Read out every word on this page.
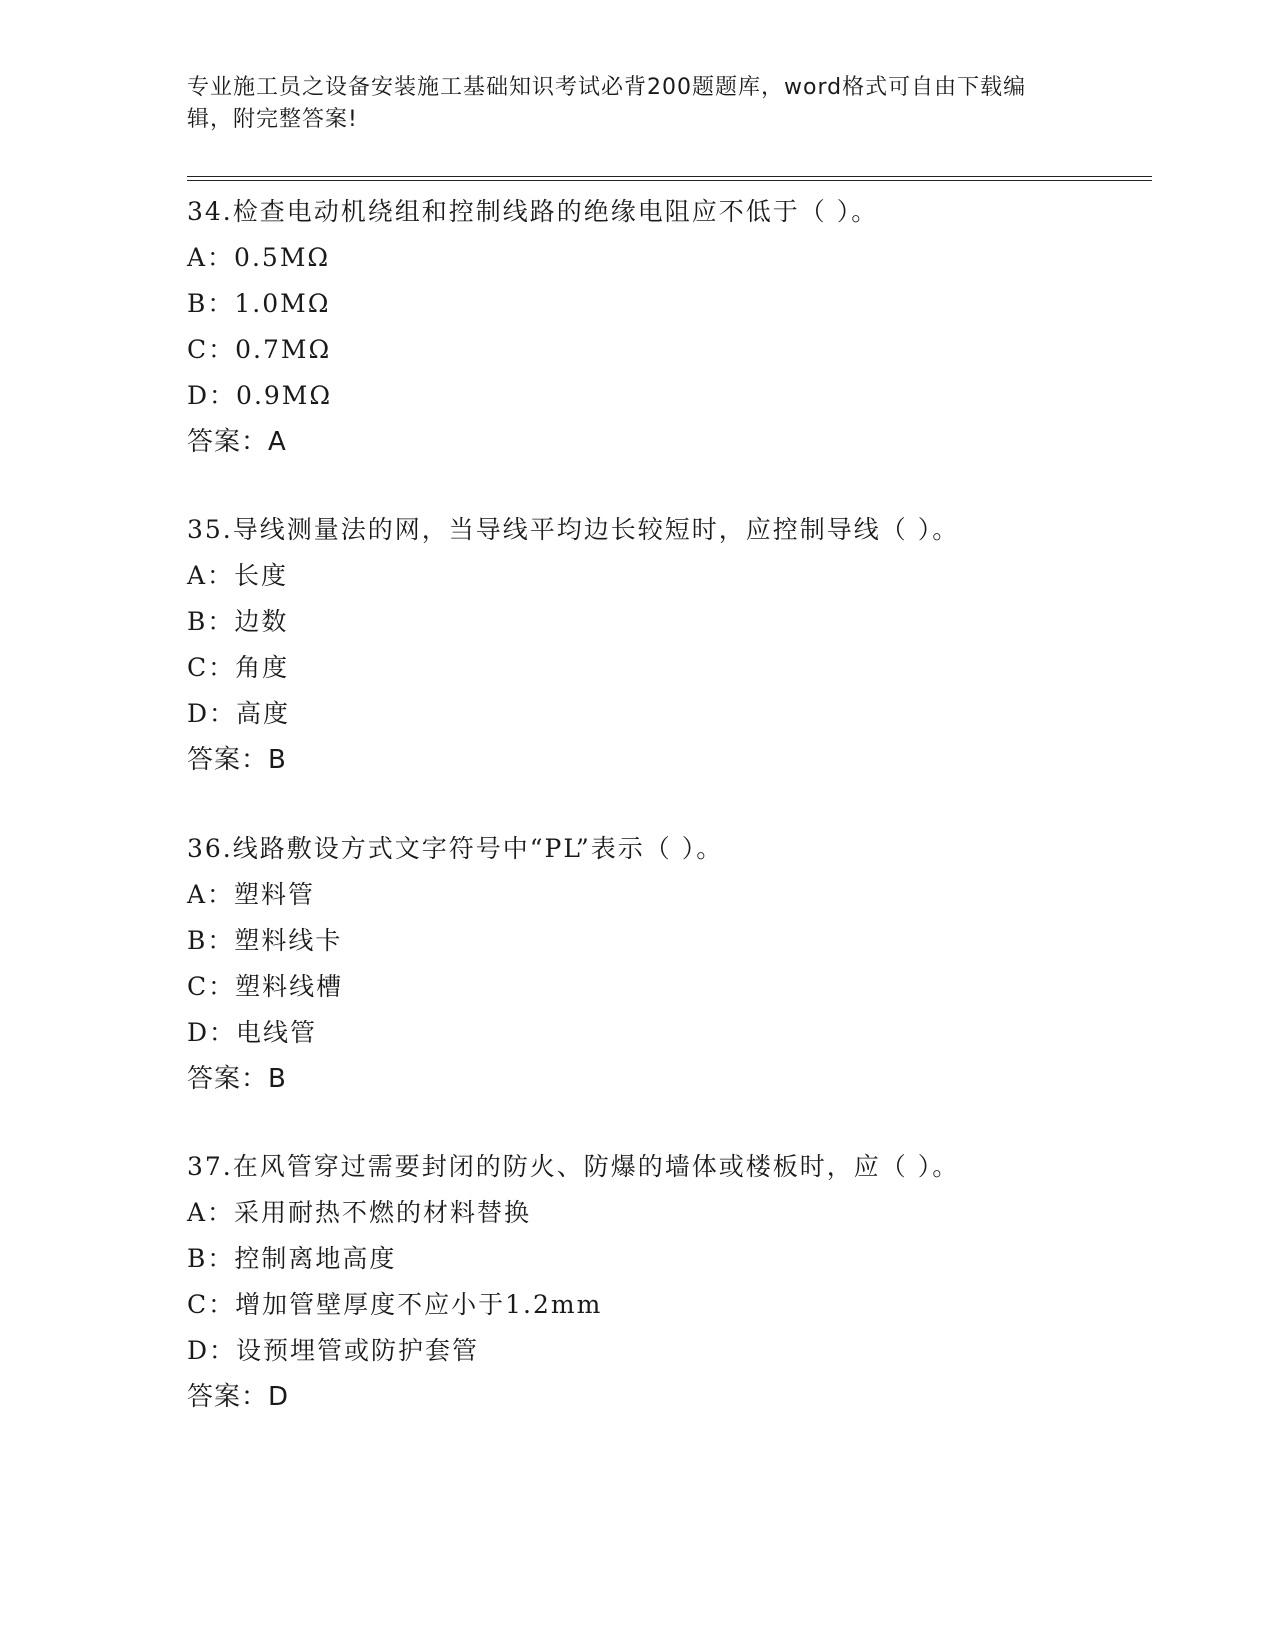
专业施工员之设备安装施工基础知识考试必背200题题库，word格式可自由下载编辑，附完整答案!
34.检查电动机绕组和控制线路的绝缘电阻应不低于（ ）。
A：0.5MΩ
B：1.0MΩ
C：0.7MΩ
D：0.9MΩ
答案：A
35.导线测量法的网，当导线平均边长较短时，应控制导线（ ）。
A：长度
B：边数
C：角度
D：高度
答案：B
36.线路敷设方式文字符号中“PL”表示（ ）。
A：塑料管
B：塑料线卡
C：塑料线槽
D：电线管
答案：B
37.在风管穿过需要封闭的防火、防爆的墙体或楼板时，应（ ）。
A：采用耐热不燃的材料替换
B：控制离地高度
C：增加管壁厚度不应小于1.2mm
D：设预埋管或防护套管
答案：D
